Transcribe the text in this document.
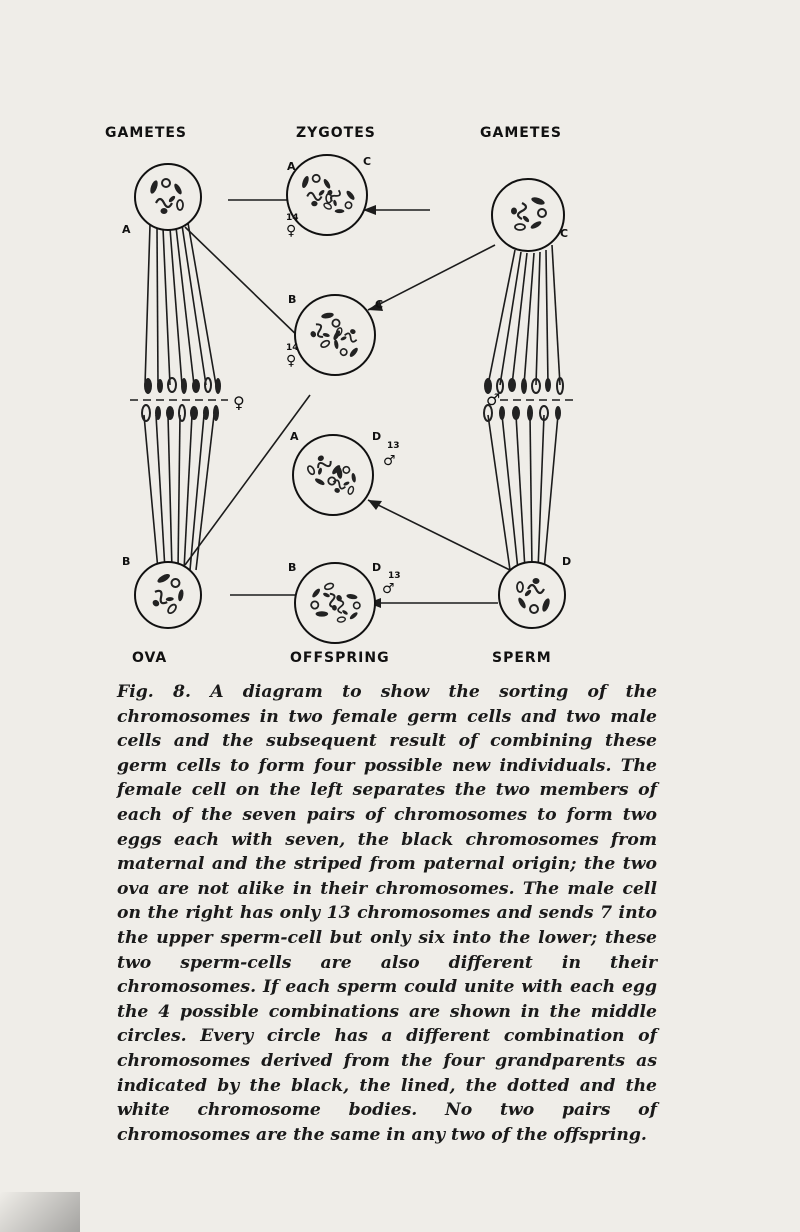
GAMETES	ZYGOTES	GAMETES
OVA	OFFSPRING	SPERM
A
B
C
D
A	C
14
♀
B	C
14
♀
A	D
13
♂
B	D
13
♂
♀	♂

Fig. 8. A diagram to show the sorting of the chromosomes in two female germ cells and two male cells and the subsequent result of combining these germ cells to form four possible new individuals. The female cell on the left separates the two members of each of the seven pairs of chromosomes to form two eggs each with seven, the black chromosomes from maternal and the striped from paternal origin; the two ova are not alike in their chromosomes. The male cell on the right has only 13 chromosomes and sends 7 into the upper sperm-cell but only six into the lower; these two sperm-cells are also different in their chromosomes. If each sperm could unite with each egg the 4 possible combinations are shown in the middle circles. Every circle has a different combination of chromosomes derived from the four grandparents as indicated by the black, the lined, the dotted and the white chromosome bodies. No two pairs of chromosomes are the same in any two of the offspring.
